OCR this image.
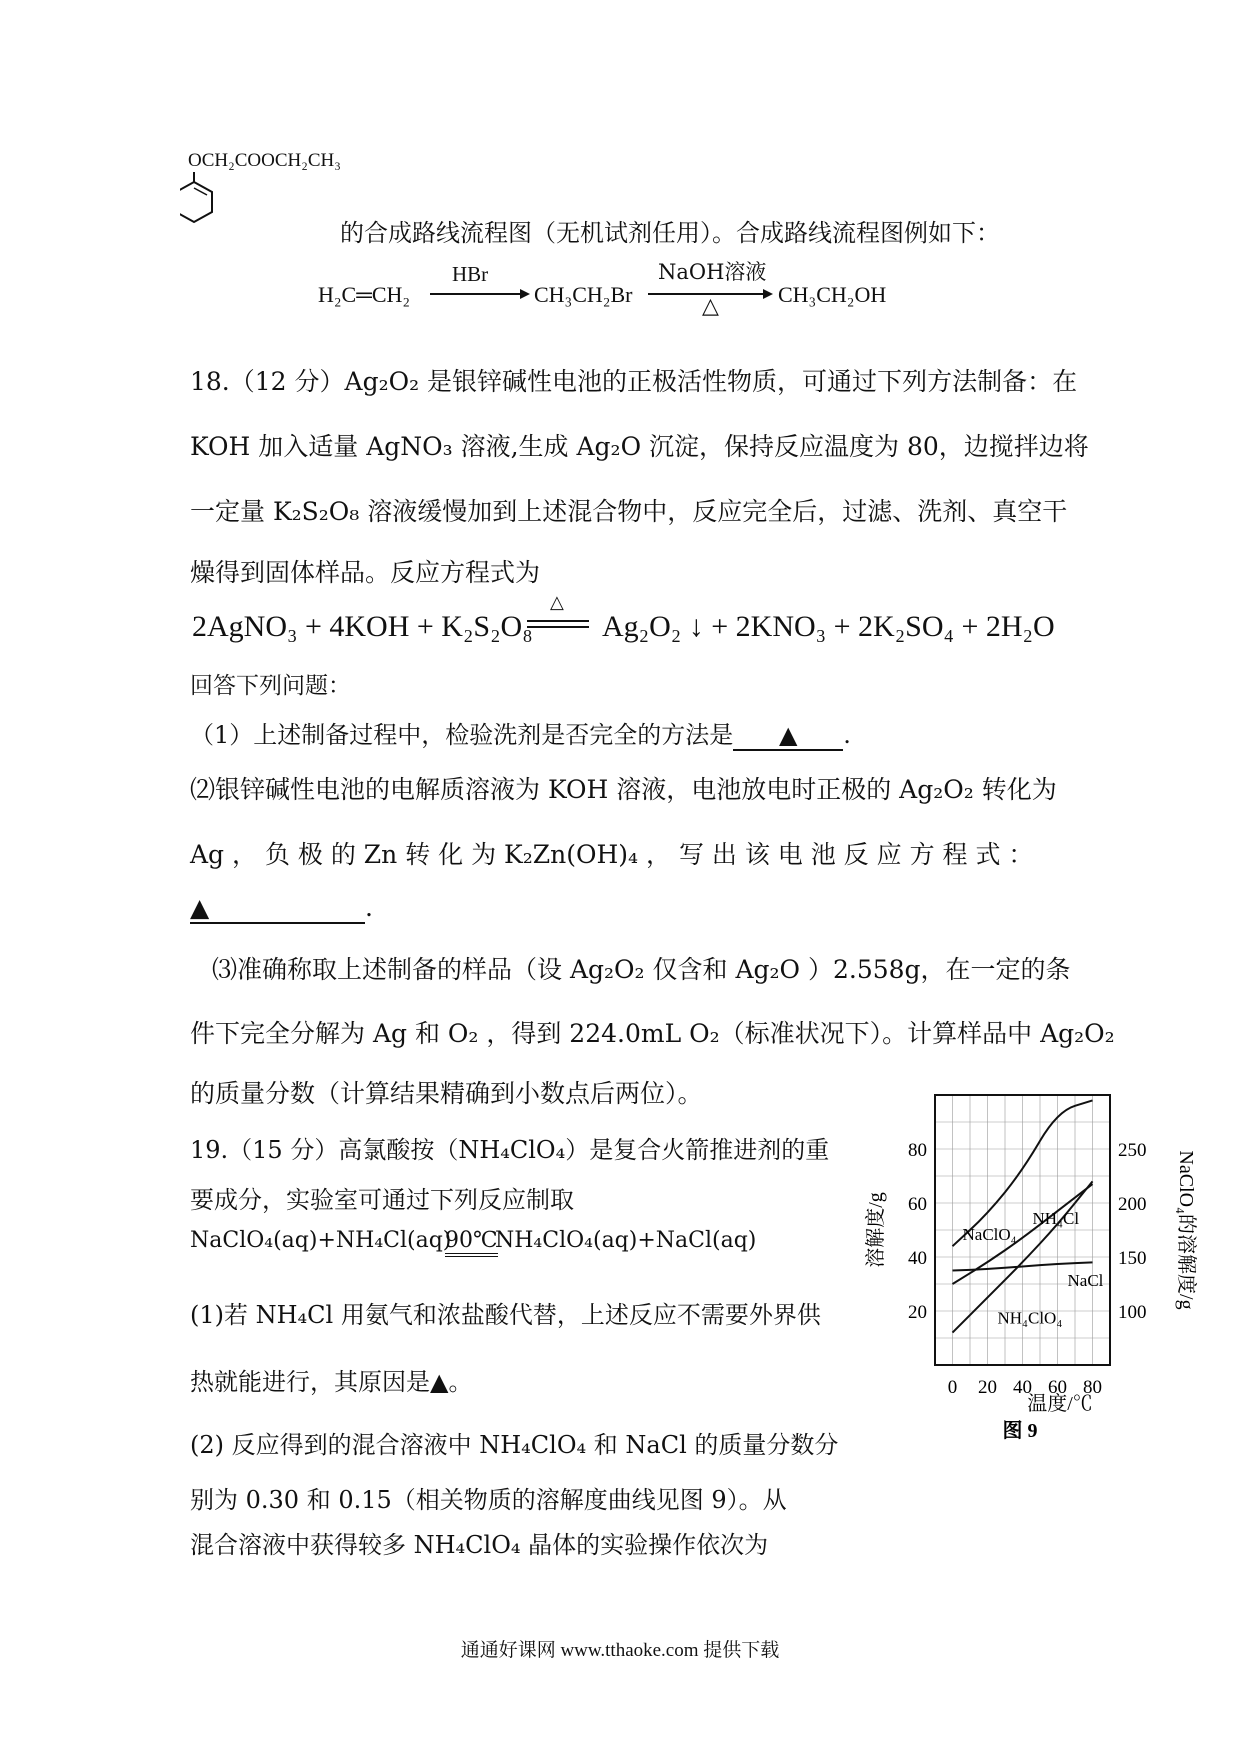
OCH₂COOCH₂CH₃
的合成路线流程图（无机试剂任用）。合成路线流程图例如下：
H₂C═CH₂
HBr
CH₃CH₂Br
NaOH溶液
△	CH₃CH₂OH
18.（12 分）Ag₂O₂ 是银锌碱性电池的正极活性物质，可通过下列方法制备：在
KOH 加入适量 AgNO₃ 溶液,生成 Ag₂O 沉淀，保持反应温度为 80，边搅拌边将
一定量 K₂S₂O₈ 溶液缓慢加到上述混合物中，反应完全后，过滤、洗剂、真空干
燥得到固体样品。反应方程式为
2AgNO₃ + 4KOH + K₂S₂O₈
△
Ag₂O₂ ↓ + 2KNO₃ + 2K₂SO₄ + 2H₂O
回答下列问题：
（1）上述制备过程中，检验洗剂是否完全的方法是 ▲ .
⑵银锌碱性电池的电解质溶液为 KOH 溶液，电池放电时正极的 Ag₂O₂ 转化为
Ag ， 负 极 的 Zn 转 化 为 K₂Zn(OH)₄ ， 写 出 该 电 池 反 应 方 程 式 ：
▲	.
⑶准确称取上述制备的样品（设 Ag₂O₂ 仅含和 Ag₂O ）2.558g，在一定的条
件下完全分解为 Ag 和 O₂ ，得到 224.0mL O₂（标准状况下）。计算样品中 Ag₂O₂
的质量分数（计算结果精确到小数点后两位）。
19.（15 分）高氯酸按（NH₄ClO₄）是复合火箭推进剂的重
要成分，实验室可通过下列反应制取
NaClO₄(aq)+NH₄Cl(aq)
90℃
NH₄ClO₄(aq)+NaCl(aq)
(1)若 NH₄Cl 用氨气和浓盐酸代替，上述反应不需要外界供
热就能进行，其原因是▲。
(2) 反应得到的混合溶液中 NH₄ClO₄ 和 NaCl 的质量分数分
别为 0.30 和 0.15（相关物质的溶解度曲线见图 9）。从
混合溶液中获得较多 NH₄ClO₄ 晶体的实验操作依次为
0 20 40 60 80
20
40
60
80
100
150
200
250
NaClO₄
NH₄Cl
NaCl
NH₄ClO₄
溶解度/g	NaClO₄的溶解度/g
温度/℃
图 9
通通好课网 www.tthaoke.com 提供下载
